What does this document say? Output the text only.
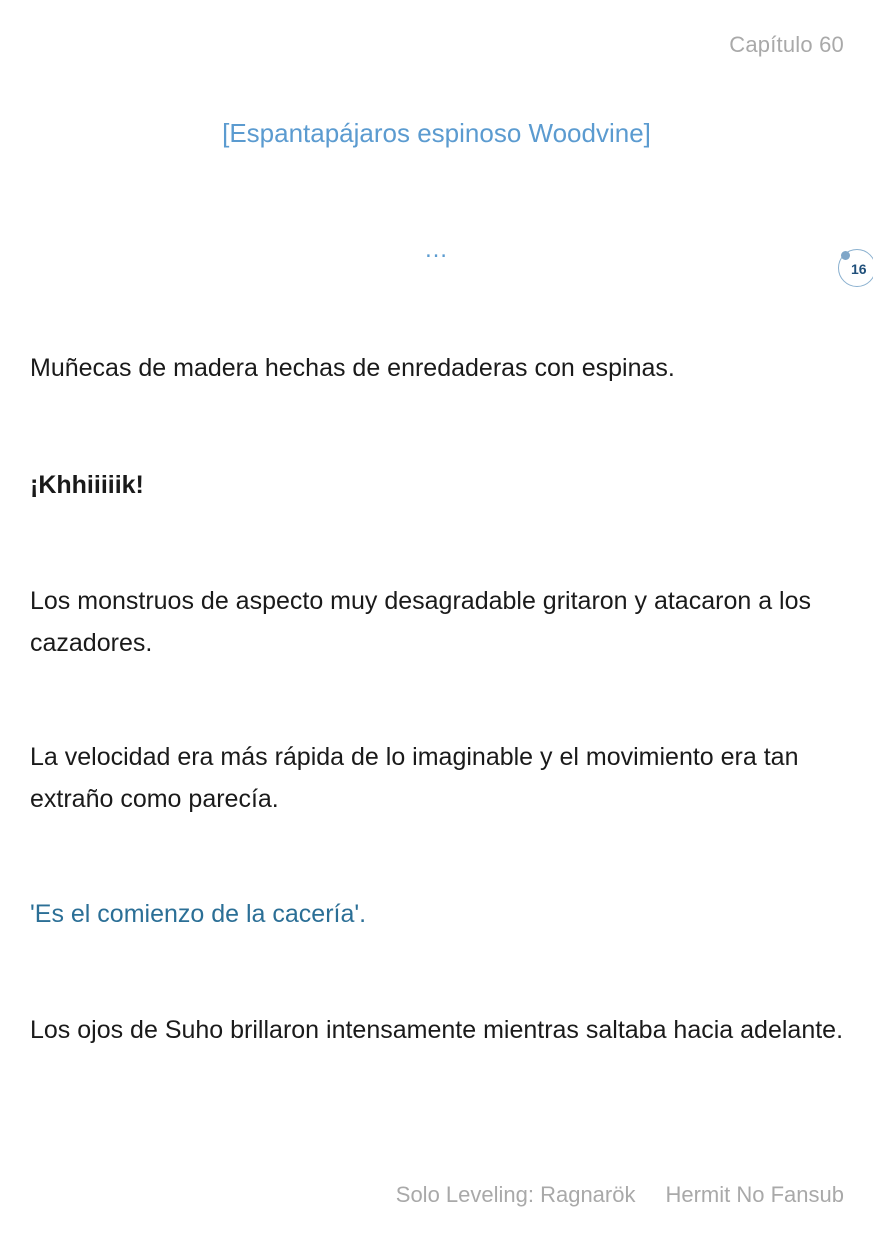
Capítulo 60
[Espantapájaros espinoso Woodvine]
…
16

Muñecas de madera hechas de enredaderas con espinas.

¡Khhiiiiik!

Los monstruos de aspecto muy desagradable gritaron y atacaron a los cazadores.

La velocidad era más rápida de lo imaginable y el movimiento era tan extraño como parecía.

'Es el comienzo de la cacería'.

Los ojos de Suho brillaron intensamente mientras saltaba hacia adelante.

Solo Leveling: Ragnarök Hermit No Fansub
